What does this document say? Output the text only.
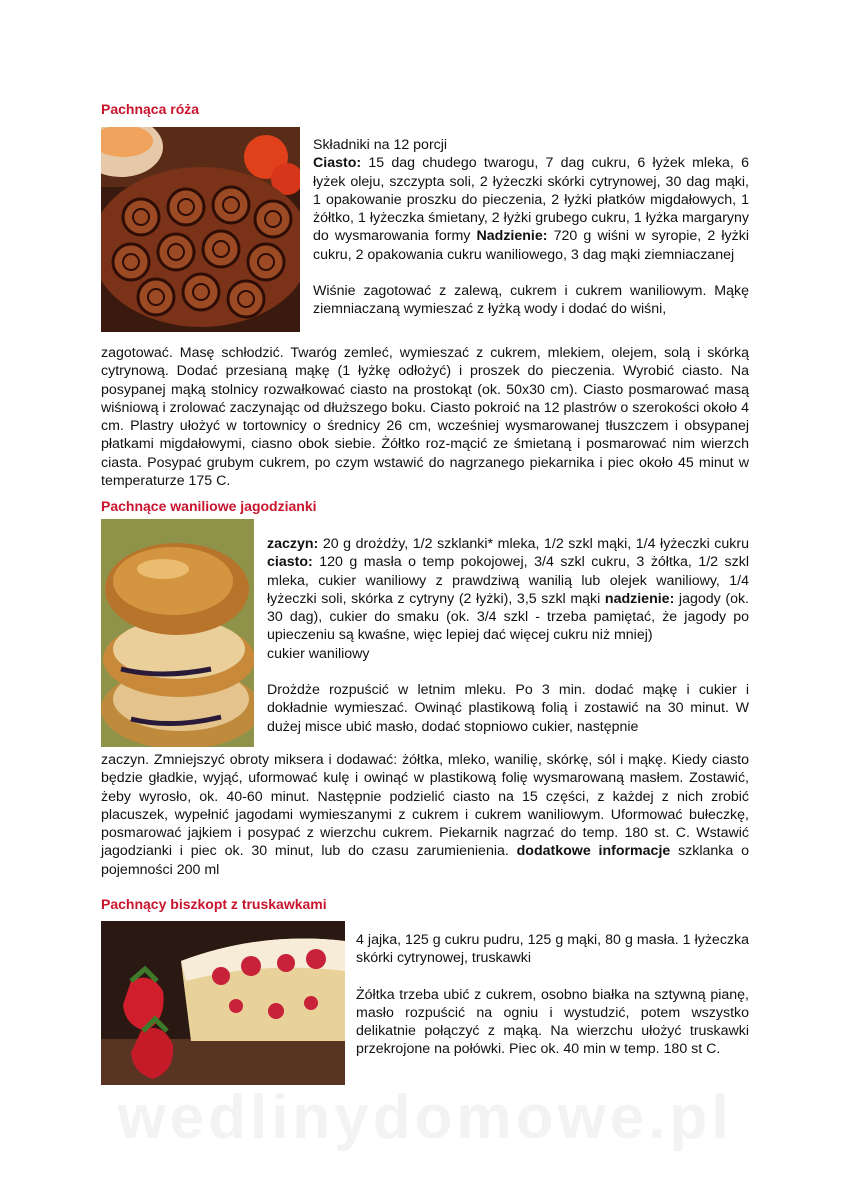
Pachnąca róża

Składniki na 12 porcji

Ciasto: 15 dag chudego twarogu, 7 dag cukru, 6 łyżek mleka, 6 łyżek oleju, szczypta soli, 2 łyżeczki skórki cytrynowej, 30 dag mąki, 1 opakowanie proszku do pieczenia, 2 łyżki płatków migdałowych, 1 żółtko, 1 łyżeczka śmietany, 2 łyżki grubego cukru, 1 łyżka margaryny do wysmarowania formy Nadzienie: 720 g wiśni w syropie, 2 łyżki cukru, 2 opakowania cukru waniliowego, 3 dag mąki ziemniaczanej

Wiśnie zagotować z zalewą, cukrem i cukrem waniliowym. Mąkę ziemniaczaną wymieszać z łyżką wody i dodać do wiśni,

zagotować. Masę schłodzić. Twaróg zemleć, wymieszać z cukrem, mlekiem, olejem, solą i skórką cytrynową. Dodać przesianą mąkę (1 łyżkę odłożyć) i proszek do pieczenia. Wyrobić ciasto. Na posypanej mąką stolnicy rozwałkować ciasto na prostokąt (ok. 50x30 cm). Ciasto posmarować masą wiśniową i zrolować zaczynając od dłuższego boku. Ciasto pokroić na 12 plastrów o szerokości około 4 cm. Plastry ułożyć w tortownicy o średnicy 26 cm, wcześniej wysmarowanej tłuszczem i obsypanej płatkami migdałowymi, ciasno obok siebie. Żółtko roz-mącić ze śmietaną i posmarować nim wierzch ciasta. Posypać grubym cukrem, po czym wstawić do nagrzanego piekarnika i piec około 45 minut w temperaturze 175 C.

Pachnące waniliowe jagodzianki

zaczyn: 20 g drożdży, 1/2 szklanki* mleka, 1/2 szkl mąki, 1/4 łyżeczki cukru ciasto: 120 g masła o temp pokojowej, 3/4 szkl cukru, 3 żółtka, 1/2 szkl mleka, cukier waniliowy z prawdziwą wanilią lub olejek waniliowy, 1/4 łyżeczki soli, skórka z cytryny (2 łyżki), 3,5 szkl mąki nadzienie: jagody (ok. 30 dag), cukier do smaku (ok. 3/4 szkl - trzeba pamiętać, że jagody po upieczeniu są kwaśne, więc lepiej dać więcej cukru niż mniej)

cukier waniliowy

Drożdże rozpuścić w letnim mleku. Po 3 min. dodać mąkę i cukier i dokładnie wymieszać. Owinąć plastikową folią i zostawić na 30 minut. W dużej misce ubić masło, dodać stopniowo cukier, następnie

zaczyn. Zmniejszyć obroty miksera i dodawać: żółtka, mleko, wanilię, skórkę, sól i mąkę. Kiedy ciasto będzie gładkie, wyjąć, uformować kulę i owinąć w plastikową folię wysmarowaną masłem. Zostawić, żeby wyrosło, ok. 40-60 minut. Następnie podzielić ciasto na 15 części, z każdej z nich zrobić placuszek, wypełnić jagodami wymieszanymi z cukrem i cukrem waniliowym. Uformować bułeczkę, posmarować jajkiem i posypać z wierzchu cukrem. Piekarnik nagrzać do temp. 180 st. C. Wstawić jagodzianki i piec ok. 30 minut, lub do czasu zarumienienia. dodatkowe informacje szklanka o pojemności 200 ml

Pachnący biszkopt z truskawkami

4 jajka, 125 g cukru pudru, 125 g mąki, 80 g masła. 1 łyżeczka skórki cytrynowej, truskawki

Żółtka trzeba ubić z cukrem, osobno białka na sztywną pianę, masło rozpuścić na ogniu i wystudzić, potem wszystko delikatnie połączyć z mąką. Na wierzchu ułożyć truskawki przekrojone na połówki. Piec ok. 40 min w temp. 180 st C.

wedlinydomowe.pl
